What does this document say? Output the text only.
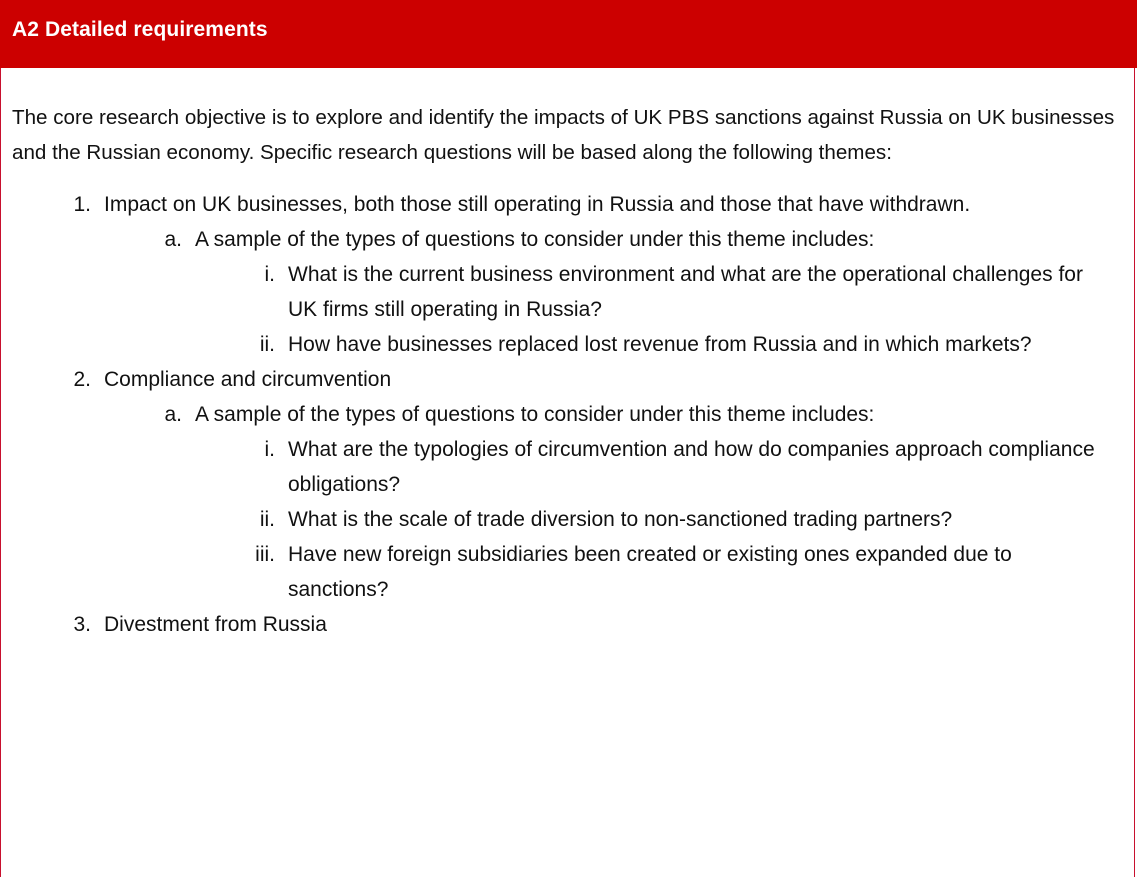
A2 Detailed requirements

The core research objective is to explore and identify the impacts of UK PBS sanctions against Russia on UK businesses and the Russian economy. Specific research questions will be based along the following themes:

1. Impact on UK businesses, both those still operating in Russia and those that have withdrawn.
a. A sample of the types of questions to consider under this theme includes:
i. What is the current business environment and what are the operational challenges for UK firms still operating in Russia?
ii. How have businesses replaced lost revenue from Russia and in which markets?
2. Compliance and circumvention
a. A sample of the types of questions to consider under this theme includes:
i. What are the typologies of circumvention and how do companies approach compliance obligations?
ii. What is the scale of trade diversion to non-sanctioned trading partners?
iii. Have new foreign subsidiaries been created or existing ones expanded due to sanctions?
3. Divestment from Russia
